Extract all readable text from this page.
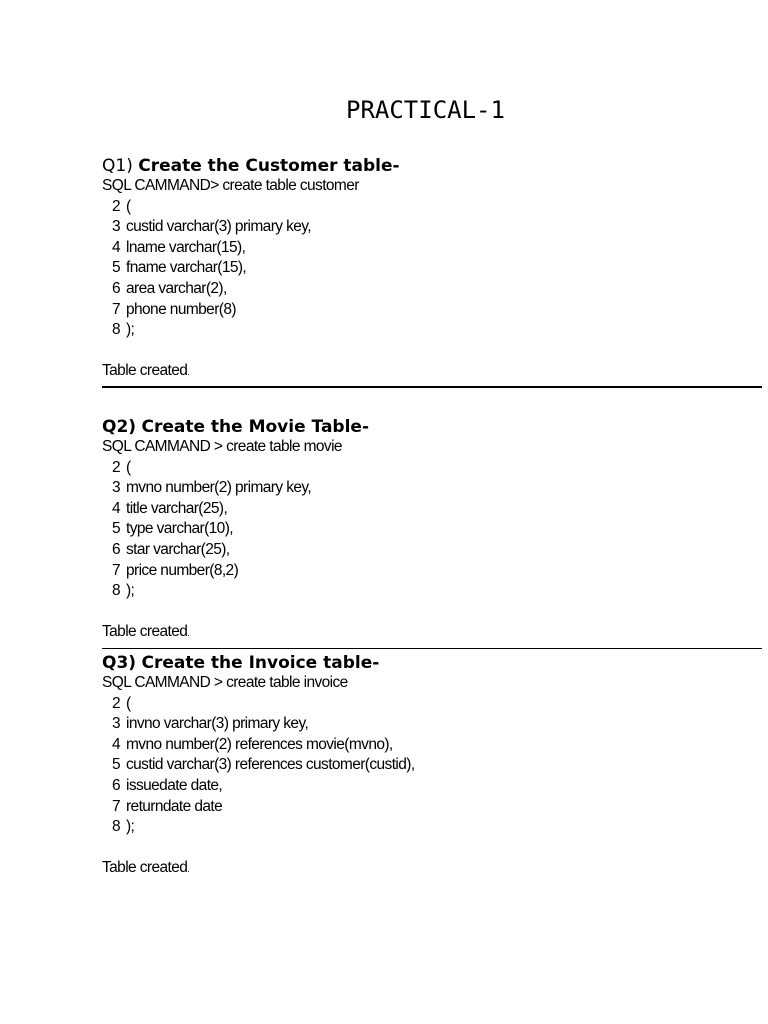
PRACTICAL-1
Q1) Create the Customer table-
SQL CAMMAND> create table customer
2 (
3 custid varchar(3) primary key,
4 lname varchar(15),
5 fname varchar(15),
6 area varchar(2),
7 phone number(8)
8 );
Table created.
Q2) Create the Movie Table-
SQL CAMMAND > create table movie
2 (
3 mvno number(2) primary key,
4 title varchar(25),
5 type varchar(10),
6 star varchar(25),
7 price number(8,2)
8 );
Table created.
Q3) Create the Invoice table-
SQL CAMMAND > create table invoice
2 (
3 invno varchar(3) primary key,
4 mvno number(2) references movie(mvno),
5 custid varchar(3) references customer(custid),
6 issuedate date,
7 returndate date
8 );
Table created.
